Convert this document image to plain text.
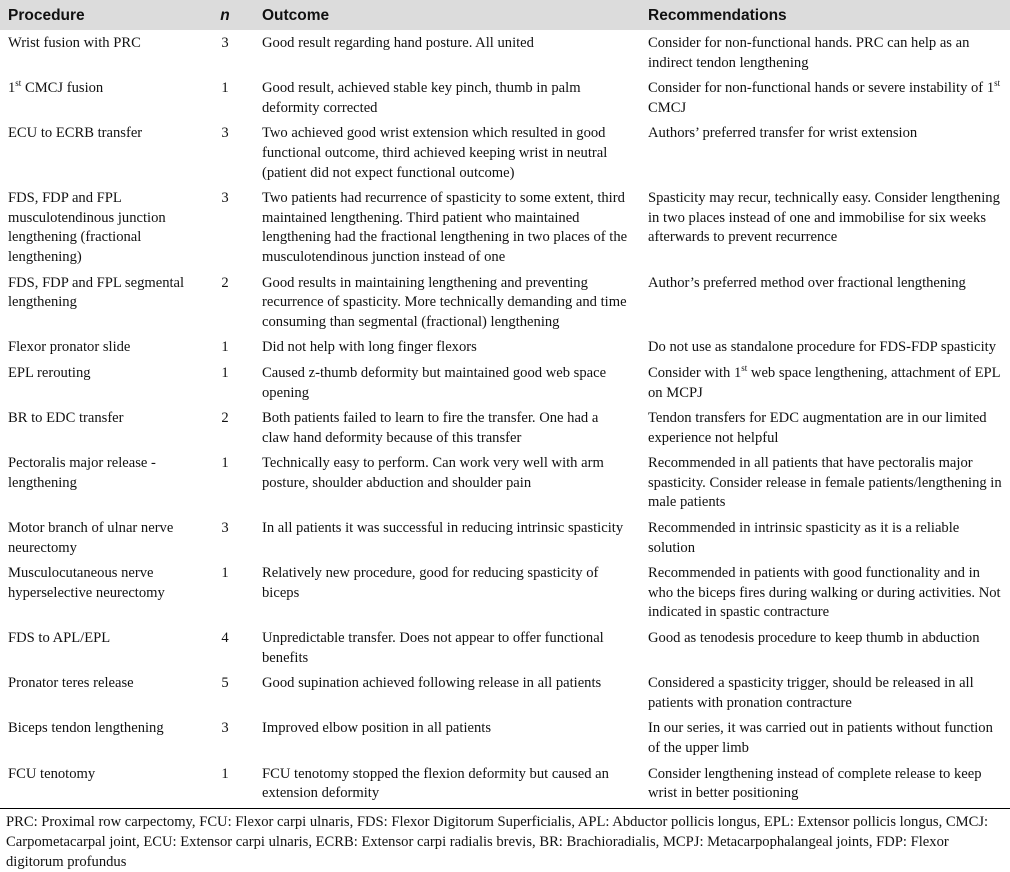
Procedure	n	Outcome	Recommendations
Wrist fusion with PRC	3	Good result regarding hand posture. All united	Consider for non-functional hands. PRC can help as an indirect tendon lengthening
1st CMCJ fusion	1	Good result, achieved stable key pinch, thumb in palm deformity corrected	Consider for non-functional hands or severe instability of 1st CMCJ
ECU to ECRB transfer	3	Two achieved good wrist extension which resulted in good functional outcome, third achieved keeping wrist in neutral (patient did not expect functional outcome)	Authors’ preferred transfer for wrist extension
FDS, FDP and FPL musculotendinous junction lengthening (fractional lengthening)	3	Two patients had recurrence of spasticity to some extent, third maintained lengthening. Third patient who maintained lengthening had the fractional lengthening in two places of the musculotendinous junction instead of one	Spasticity may recur, technically easy. Consider lengthening in two places instead of one and immobilise for six weeks afterwards to prevent recurrence
FDS, FDP and FPL segmental lengthening	2	Good results in maintaining lengthening and preventing recurrence of spasticity. More technically demanding and time consuming than segmental (fractional) lengthening	Author’s preferred method over fractional lengthening
Flexor pronator slide	1	Did not help with long finger flexors	Do not use as standalone procedure for FDS-FDP spasticity
EPL rerouting	1	Caused z-thumb deformity but maintained good web space opening	Consider with 1st web space lengthening, attachment of EPL on MCPJ
BR to EDC transfer	2	Both patients failed to learn to fire the transfer. One had a claw hand deformity because of this transfer	Tendon transfers for EDC augmentation are in our limited experience not helpful
Pectoralis major release - lengthening	1	Technically easy to perform. Can work very well with arm posture, shoulder abduction and shoulder pain	Recommended in all patients that have pectoralis major spasticity. Consider release in female patients/lengthening in male patients
Motor branch of ulnar nerve neurectomy	3	In all patients it was successful in reducing intrinsic spasticity	Recommended in intrinsic spasticity as it is a reliable solution
Musculocutaneous nerve hyperselective neurectomy	1	Relatively new procedure, good for reducing spasticity of biceps	Recommended in patients with good functionality and in who the biceps fires during walking or during activities. Not indicated in spastic contracture
FDS to APL/EPL	4	Unpredictable transfer. Does not appear to offer functional benefits	Good as tenodesis procedure to keep thumb in abduction
Pronator teres release	5	Good supination achieved following release in all patients	Considered a spasticity trigger, should be released in all patients with pronation contracture
Biceps tendon lengthening	3	Improved elbow position in all patients	In our series, it was carried out in patients without function of the upper limb
FCU tenotomy	1	FCU tenotomy stopped the flexion deformity but caused an extension deformity	Consider lengthening instead of complete release to keep wrist in better positioning
PRC: Proximal row carpectomy, FCU: Flexor carpi ulnaris, FDS: Flexor Digitorum Superficialis, APL: Abductor pollicis longus, EPL: Extensor pollicis longus, CMCJ: Carpometacarpal joint, ECU: Extensor carpi ulnaris, ECRB: Extensor carpi radialis brevis, BR: Brachioradialis, MCPJ: Metacarpophalangeal joints, FDP: Flexor digitorum profundus
